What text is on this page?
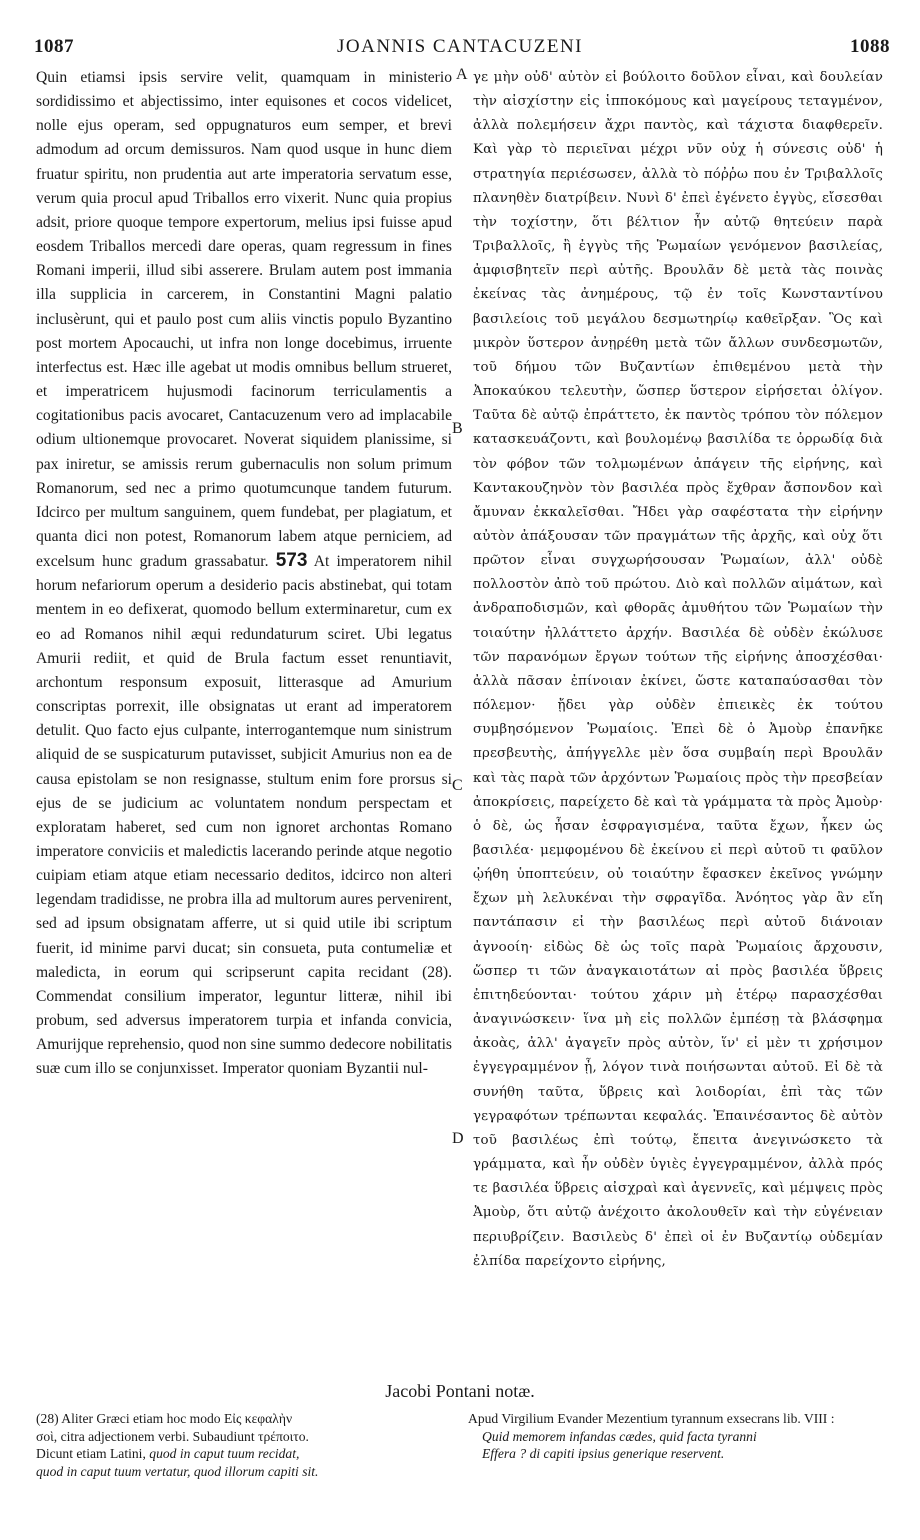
1087	JOANNIS CANTACUZENI	1088

Quin etiamsi ipsis servire velit, quamquam in ministerio sordidissimo et abjectissimo, inter equisones et cocos videlicet, nolle ejus operam, sed oppugnaturos eum semper, et brevi admodum ad orcum demissuros. Nam quod usque in hunc diem fruatur spiritu, non prudentia aut arte imperatoria servatum esse, verum quia procul apud Triballos erro vixerit. Nunc quia propius adsit, priore quoque tempore expertorum, melius ipsi fuisse apud eosdem Triballos mercedi dare operas, quam regressum in fines Romani imperii, illud sibi asserere. Brulam autem post immania illa supplicia in carcerem, in Constantini Magni palatio inclusèrunt, qui et paulo post cum aliis vinctis populo Byzantino post mortem Apocauchi, ut infra non longe docebimus, irruente interfectus est. Hæc ille agebat ut modis omnibus bellum strueret, et imperatricem hujusmodi facinorum terriculamentis a cogitationibus pacis avocaret, Cantacuzenum vero ad implacabile odium ultionemque provocaret. Noverat siquidem planissime, si pax iniretur, se amissis rerum gubernaculis non solum primum Romanorum, sed nec a primo quotumcunque tandem futurum. Idcirco per multum sanguinem, quem fundebat, per plagiatum, et quanta dici non potest, Romanorum labem atque perniciem, ad excelsum hunc gradum grassabatur. 573 At imperatorem nihil horum nefariorum operum a desiderio pacis abstinebat, qui totam mentem in eo defixerat, quomodo bellum exterminaretur, cum ex eo ad Romanos nihil æqui redundaturum sciret. Ubi legatus Amurii rediit, et quid de Brula factum esset renuntiavit, archontum responsum exposuit, litterasque ad Amurium conscriptas porrexit, ille obsignatas ut erant ad imperatorem detulit. Quo facto ejus culpante, interrogantemque num sinistrum aliquid de se suspicaturum putavisset, subjicit Amurius non ea de causa epistolam se non resignasse, stultum enim fore prorsus si ejus de se judicium ac voluntatem nondum perspectam et exploratam haberet, sed cum non ignoret archontas Romano imperatore conviciis et maledictis lacerando perinde atque negotio cuipiam etiam atque etiam necessario deditos, idcirco non alteri legendam tradidisse, ne probra illa ad multorum aures pervenirent, sed ad ipsum obsignatam afferre, ut si quid utile ibi scriptum fuerit, id minime parvi ducat; sin consueta, puta contumeliæ et maledicta, in eorum qui scripserunt capita recidant (28). Commendat consilium imperator, leguntur litteræ, nihil ibi probum, sed adversus imperatorem turpia et infanda convicia, Amurijque reprehensio, quod non sine summo dedecore nobilitatis suæ cum illo se conjunxisset. Imperator quoniam Byzantii nul-

A
B
C
D

γε μὴν οὐδ' αὐτὸν εἰ βούλοιτο δοῦλον εἶναι, καὶ δουλείαν τὴν αἰσχίστην εἰς ἱπποκόμους καὶ μαγείρους τεταγμένον, ἀλλὰ πολεμήσειν ἄχρι παντὸς, καὶ τάχιστα διαφθερεῖν. Καὶ γὰρ τὸ περιεῖναι μέχρι νῦν οὐχ ἡ σύνεσις οὐδ' ἡ στρατηγία περιέσωσεν, ἀλλὰ τὸ πόῤῥω που ἐν Τριβαλλοῖς πλανηθὲν διατρίβειν. Νυνὶ δ' ἐπεὶ ἐγένετο ἐγγὺς, εἴσεσθαι τὴν τοχίστην, ὅτι βέλτιον ἦν αὐτῷ θητεύειν παρὰ Τριβαλλοῖς, ἢ ἐγγὺς τῆς Ῥωμαίων γενόμενον βασιλείας, ἀμφισβητεῖν περὶ αὐτῆς. Βρουλᾶν δὲ μετὰ τὰς ποινὰς ἐκείνας τὰς ἀνημέρους, τῷ ἐν τοῖς Κωνσταντίνου βασιλείοις τοῦ μεγάλου δεσμωτηρίῳ καθεῖρξαν. Ὃς καὶ μικρὸν ὕστερον ἀνῃρέθη μετὰ τῶν ἄλλων συνδεσμωτῶν, τοῦ δήμου τῶν Βυζαντίων ἐπιθεμένου μετὰ τὴν Ἀποκαύκου τελευτὴν, ὥσπερ ὕστερον εἰρήσεται ὀλίγον. Ταῦτα δὲ αὐτῷ ἐπράττετο, ἐκ παντὸς τρόπου τὸν πόλεμον κατασκευάζοντι, καὶ βουλομένῳ βασιλίδα τε ὀρρωδίᾳ διὰ τὸν φόβον τῶν τολμωμένων ἀπάγειν τῆς εἰρήνης, καὶ Καντακουζηνὸν τὸν βασιλέα πρὸς ἔχθραν ἄσπονδον καὶ ἄμυναν ἐκκαλεῖσθαι. Ἤδει γὰρ σαφέστατα τὴν εἰρήνην αὐτὸν ἀπάξουσαν τῶν πραγμάτων τῆς ἀρχῆς, καὶ οὐχ ὅτι πρῶτον εἶναι συγχωρήσουσαν Ῥωμαίων, ἀλλ' οὐδὲ πολλοστὸν ἀπὸ τοῦ πρώτου. Διὸ καὶ πολλῶν αἱμάτων, καὶ ἀνδραποδισμῶν, καὶ φθορᾶς ἀμυθήτου τῶν Ῥωμαίων τὴν τοιαύτην ἠλλάττετο ἀρχήν. Βασιλέα δὲ οὐδὲν ἐκώλυσε τῶν παρανόμων ἔργων τούτων τῆς εἰρήνης ἀποσχέσθαι· ἀλλὰ πᾶσαν ἐπίνοιαν ἐκίνει, ὥστε καταπαύσασθαι τὸν πόλεμον· ᾔδει γὰρ οὐδὲν ἐπιεικὲς ἐκ τούτου συμβησόμενον Ῥωμαίοις. Ἐπεὶ δὲ ὁ Ἀμοὺρ ἐπανῆκε πρεσβευτὴς, ἀπήγγελλε μὲν ὅσα συμβαίη περὶ Βρουλᾶν καὶ τὰς παρὰ τῶν ἀρχόντων Ῥωμαίοις πρὸς τὴν πρεσβείαν ἀποκρίσεις, παρείχετο δὲ καὶ τὰ γράμματα τὰ πρὸς Ἀμοὺρ· ὁ δὲ, ὡς ἦσαν ἐσφραγισμένα, ταῦτα ἔχων, ἧκεν ὡς βασιλέα· μεμφομένου δὲ ἐκείνου εἰ περὶ αὐτοῦ τι φαῦλον ᾠήθη ὑποπτεύειν, οὐ τοιαύτην ἔφασκεν ἐκεῖνος γνώμην ἔχων μὴ λελυκέναι τὴν σφραγῖδα. Ἀνόητος γὰρ ἂν εἴη παντάπασιν εἰ τὴν βασιλέως περὶ αὐτοῦ διάνοιαν ἀγνοοίη· εἰδὼς δὲ ὡς τοῖς παρὰ Ῥωμαίοις ἄρχουσιν, ὥσπερ τι τῶν ἀναγκαιοτάτων αἱ πρὸς βασιλέα ὕβρεις ἐπιτηδεύονται· τούτου χάριν μὴ ἑτέρῳ παρασχέσθαι ἀναγινώσκειν· ἵνα μὴ εἰς πολλῶν ἐμπέσῃ τὰ βλάσφημα ἀκοὰς, ἀλλ' ἀγαγεῖν πρὸς αὐτὸν, ἵν' εἰ μὲν τι χρήσιμον ἐγγεγραμμένον ᾖ, λόγον τινὰ ποιήσωνται αὐτοῦ. Εἰ δὲ τὰ συνήθη ταῦτα, ὕβρεις καὶ λοιδορίαι, ἐπὶ τὰς τῶν γεγραφότων τρέπωνται κεφαλάς. Ἐπαινέσαντος δὲ αὐτὸν τοῦ βασιλέως ἐπὶ τούτῳ, ἔπειτα ἀνεγινώσκετο τὰ γράμματα, καὶ ἦν οὐδὲν ὑγιὲς ἐγγεγραμμένον, ἀλλὰ πρός τε βασιλέα ὕβρεις αἰσχραὶ καὶ ἀγεννεῖς, καὶ μέμψεις πρὸς Ἀμοὺρ, ὅτι αὐτῷ ἀνέχοιτο ἀκολουθεῖν καὶ τὴν εὐγένειαν περιυβρίζειν. Βασιλεὺς δ' ἐπεὶ οἱ ἐν Βυζαντίῳ οὐδεμίαν ἐλπίδα παρείχοντο εἰρήνης,

Jacobi Pontani notæ.
(28) Aliter Græci etiam hoc modo Εἰς κεφαλὴν
σοὶ, citra adjectionem verbi. Subaudiunt τρέποιτο.
Dicunt etiam Latini, quod in caput tuum recidat,
quod in caput tuum vertatur, quod illorum capiti sit.
Apud Virgilium Evander Mezentium tyrannum exsecrans lib. VIII :
Quid memorem infandas cædes, quid facta tyranni
Effera ? di capiti ipsius generique reservent.
